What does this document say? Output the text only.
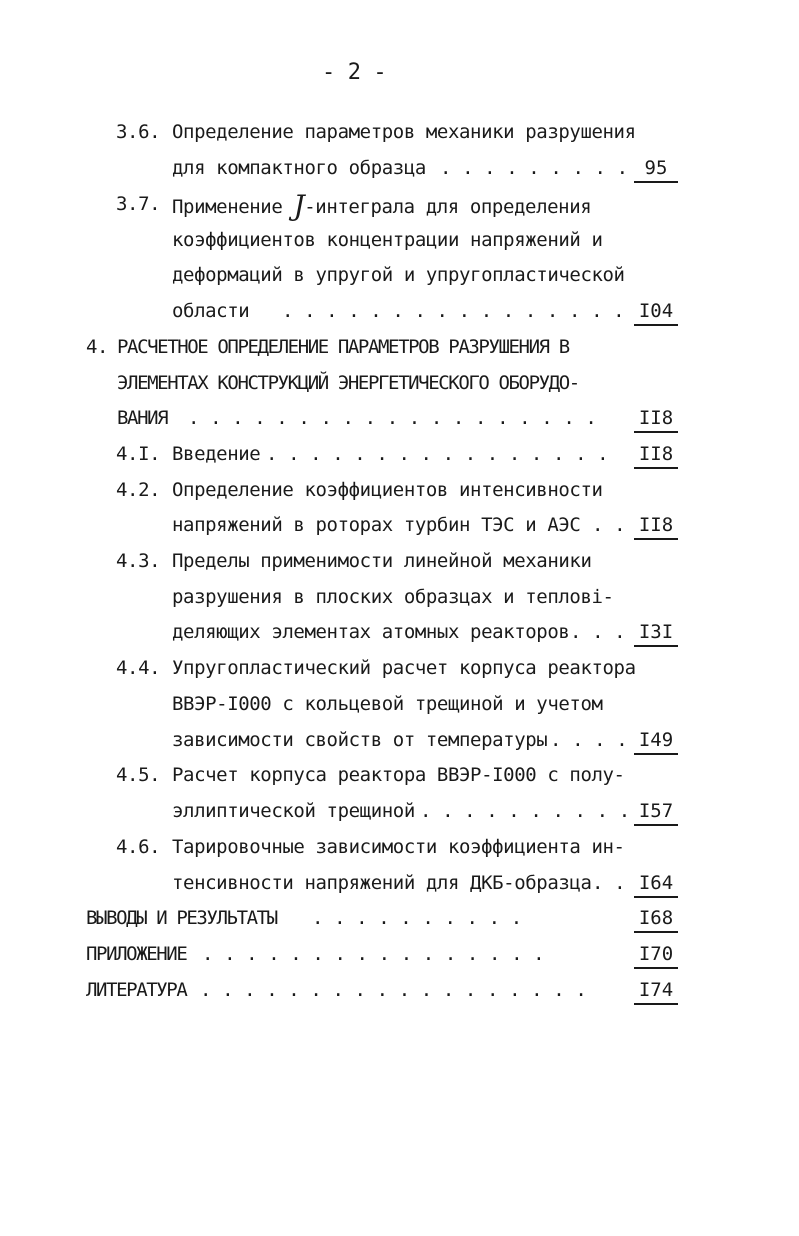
- 2 -
3.6. Определение параметров механики разрушения
для компактного образца . . . . . . . . . 95
3.7. Применение J-интеграла для определения
коэффициентов концентрации напряжений и
деформаций в упругой и упругопластической
области . . . . . . . . . . . . . . . . I04
4. РАСЧЕТНОЕ ОПРЕДЕЛЕНИЕ ПАРАМЕТРОВ РАЗРУШЕНИЯ В
ЭЛЕМЕНТАХ КОНСТРУКЦИЙ ЭНЕРГЕТИЧЕСКОГО ОБОРУДО-
ВАНИЯ . . . . . . . . . . . . . . . . . . . II8
4.I. Введение . . . . . . . . . . . . . . . . II8
4.2. Определение коэффициентов интенсивности
напряжений в роторах турбин ТЭС и АЭС . . II8
4.3. Пределы применимости линейной механики
разрушения в плоских образцах и теплові-
деляющих элементах атомных реакторов . . . I3I
4.4. Упругопластический расчет корпуса реактора
ВВЭР-I000 с кольцевой трещиной и учетом
зависимости свойств от температуры . . . . I49
4.5. Расчет корпуса реактора ВВЭР-I000 с полу-
эллиптической трещиной . . . . . . . . . . I57
4.6. Тарировочные зависимости коэффициента ин-
тенсивности напряжений для ДКБ-образца . . I64
ВЫВОДЫ И РЕЗУЛЬТАТЫ . . . . . . . . . .	I68
ПРИЛОЖЕНИЕ . . . . . . . . . . . . . . . .	I70
ЛИТЕРАТУРА . . . . . . . . . . . . . . . . . .	I74
